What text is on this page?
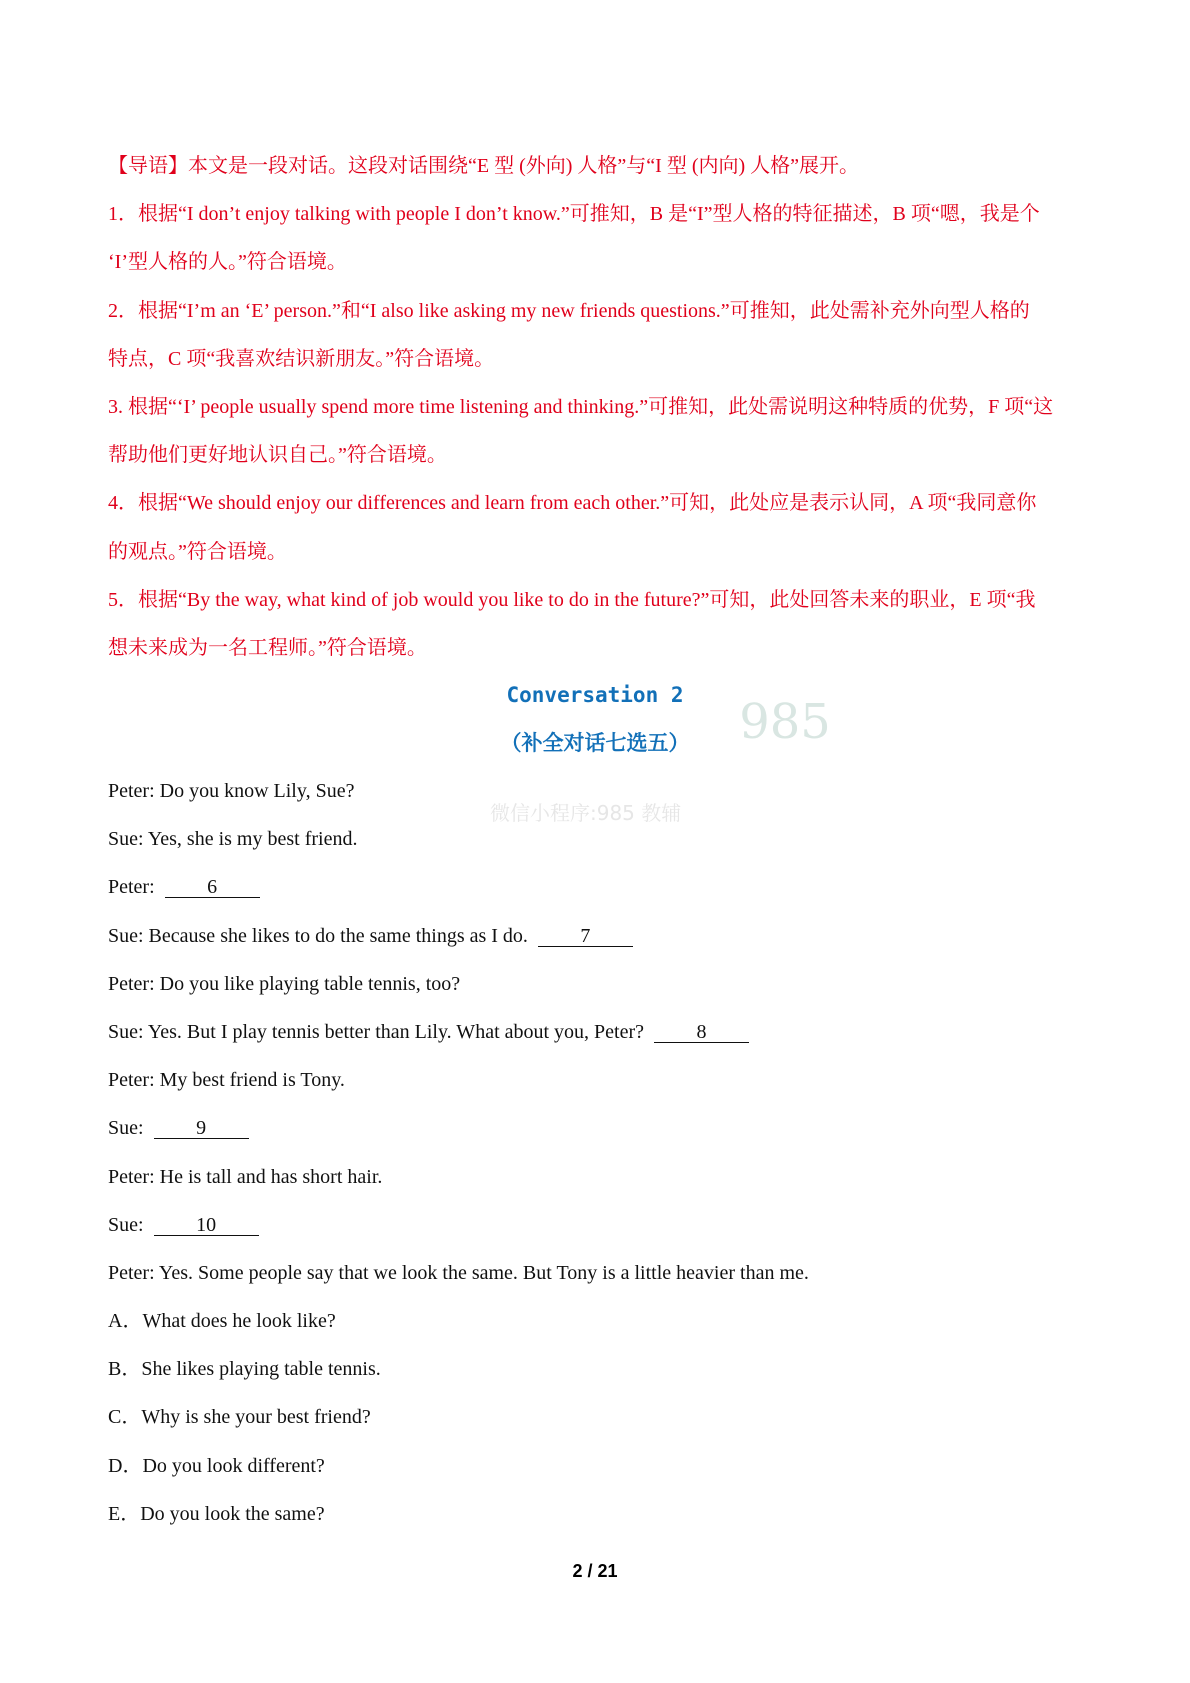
985
微信小程序:985 教辅
Conversation 2
（补全对话七选五）
2 / 21
【导语】本文是一段对话。这段对话围绕“E 型 (外向) 人格”与“I 型 (内向) 人格”展开。
1．根据“I don’t enjoy talking with people I don’t know.”可推知，B 是“I”型人格的特征描述，B 项“嗯，我是个
‘I’型人格的人。”符合语境。
2．根据“I’m an ‘E’ person.”和“I also like asking my new friends questions.”可推知，此处需补充外向型人格的
特点，C 项“我喜欢结识新朋友。”符合语境。
3. 根据“‘I’ people usually spend more time listening and thinking.”可推知，此处需说明这种特质的优势，F 项“这
帮助他们更好地认识自己。”符合语境。
4．根据“We should enjoy our differences and learn from each other.”可知，此处应是表示认同，A 项“我同意你
的观点。”符合语境。
5．根据“By the way, what kind of job would you like to do in the future?”可知，此处回答未来的职业，E 项“我
想未来成为一名工程师。”符合语境。
Peter: Do you know Lily, Sue?
Sue: Yes, she is my best friend.
Peter:	6
Sue: Because she likes to do the same things as I do.	7
Peter: Do you like playing table tennis, too?
Sue: Yes. But I play tennis better than Lily. What about you, Peter?	8
Peter: My best friend is Tony.
Sue:	9
Peter: He is tall and has short hair.
Sue:	10
Peter: Yes. Some people say that we look the same. But Tony is a little heavier than me.
A．What does he look like?
B．She likes playing table tennis.
C．Why is she your best friend?
D．Do you look different?
E．Do you look the same?
